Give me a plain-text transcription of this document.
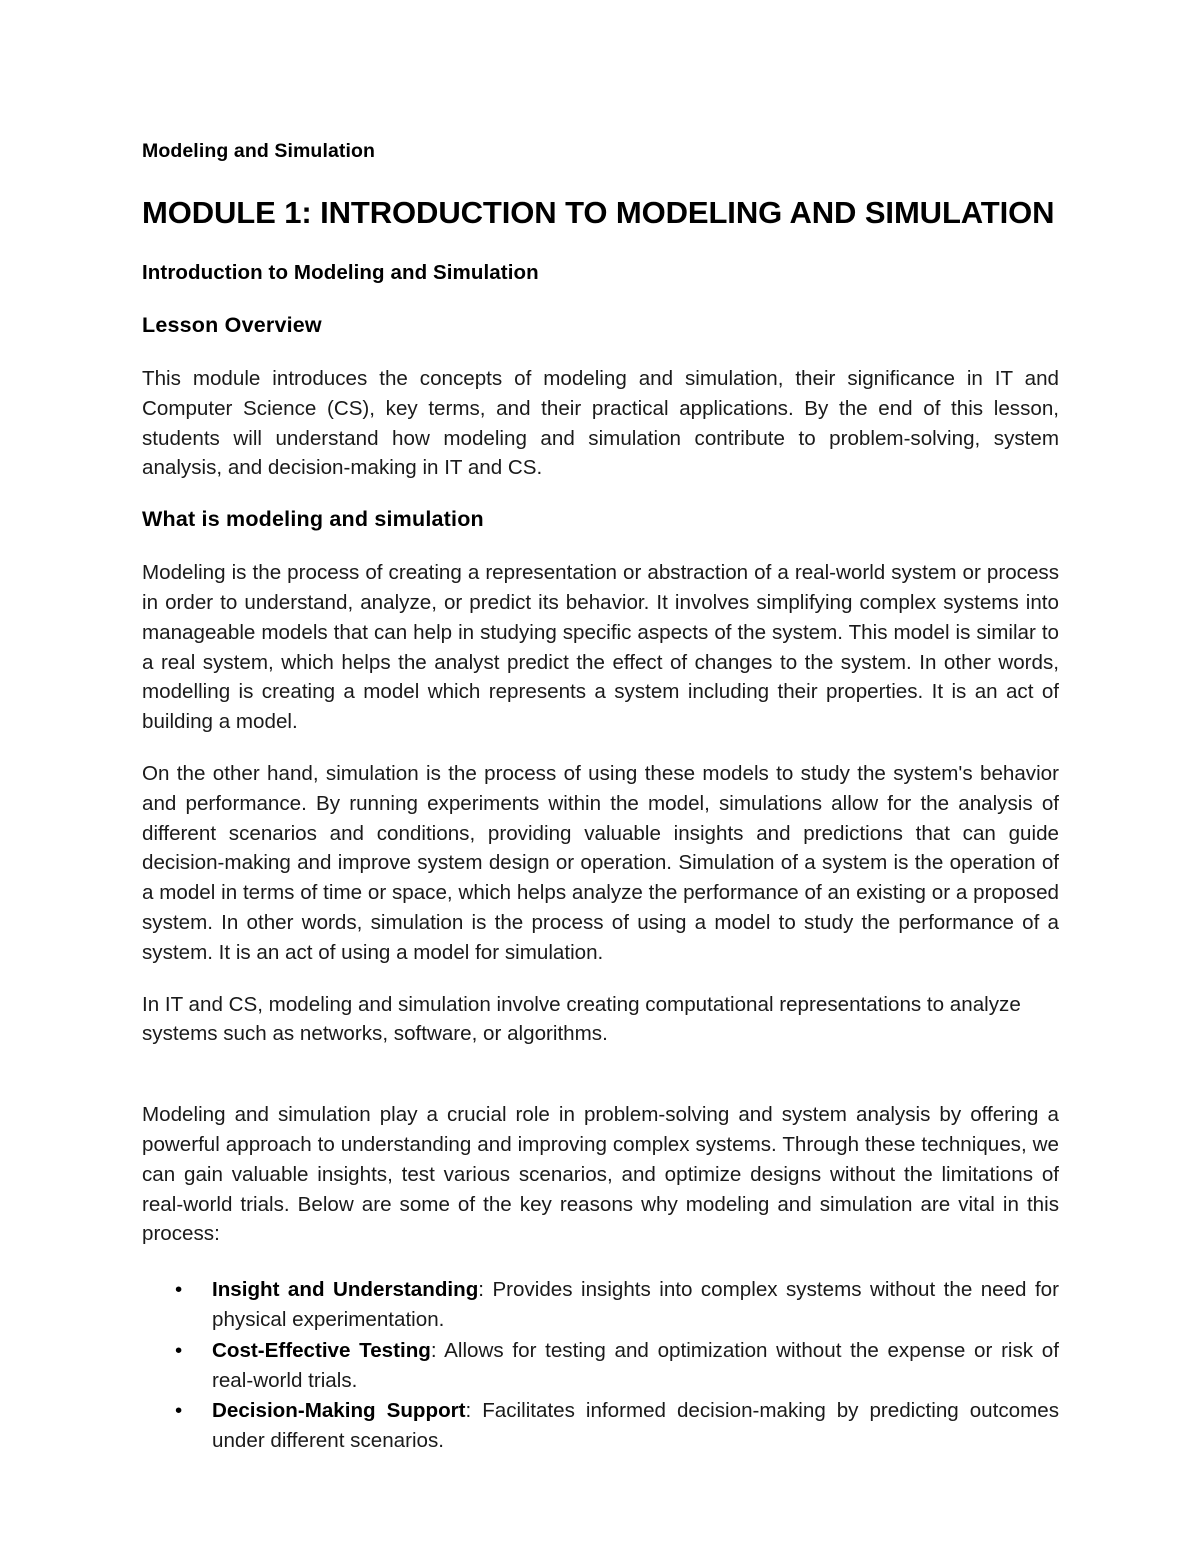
Modeling and Simulation

MODULE 1: INTRODUCTION TO MODELING AND SIMULATION
Introduction to Modeling and Simulation
Lesson Overview

This module introduces the concepts of modeling and simulation, their significance in IT and Computer Science (CS), key terms, and their practical applications. By the end of this lesson, students will understand how modeling and simulation contribute to problem-solving, system analysis, and decision-making in IT and CS.

What is modeling and simulation

Modeling is the process of creating a representation or abstraction of a real-world system or process in order to understand, analyze, or predict its behavior. It involves simplifying complex systems into manageable models that can help in studying specific aspects of the system. This model is similar to a real system, which helps the analyst predict the effect of changes to the system. In other words, modelling is creating a model which represents a system including their properties. It is an act of building a model.

On the other hand, simulation is the process of using these models to study the system's behavior and performance. By running experiments within the model, simulations allow for the analysis of different scenarios and conditions, providing valuable insights and predictions that can guide decision-making and improve system design or operation. Simulation of a system is the operation of a model in terms of time or space, which helps analyze the performance of an existing or a proposed system. In other words, simulation is the process of using a model to study the performance of a system. It is an act of using a model for simulation.

In IT and CS, modeling and simulation involve creating computational representations to analyze systems such as networks, software, or algorithms.

Modeling and simulation play a crucial role in problem-solving and system analysis by offering a powerful approach to understanding and improving complex systems. Through these techniques, we can gain valuable insights, test various scenarios, and optimize designs without the limitations of real-world trials. Below are some of the key reasons why modeling and simulation are vital in this process:

• Insight and Understanding: Provides insights into complex systems without the need for physical experimentation.
• Cost-Effective Testing: Allows for testing and optimization without the expense or risk of real-world trials.
• Decision-Making Support: Facilitates informed decision-making by predicting outcomes under different scenarios.
